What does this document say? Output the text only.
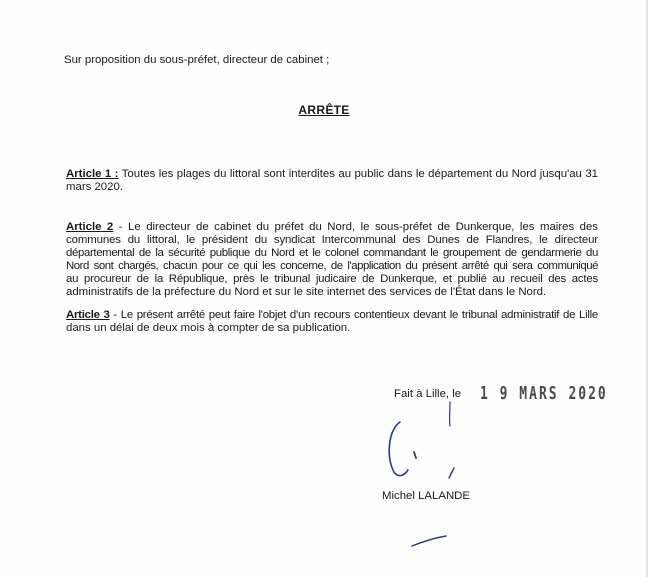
Sur proposition du sous-préfet, directeur de cabinet ;
ARRÊTE
Article 1 : Toutes les plages du littoral sont interdites au public dans le département du Nord jusqu'au 31
mars 2020.
Article 2 - Le directeur de cabinet du préfet du Nord, le sous-préfet de Dunkerque, les maires des
communes du littoral, le président du syndicat Intercommunal des Dunes de Flandres, le directeur
départemental de la sécurité publique du Nord et le colonel commandant le groupement de gendarmerie du
Nord sont chargés, chacun pour ce qui les concerne, de l'application du présent arrêté qui sera communiqué
au procureur de la République, près le tribunal judicaire de Dunkerque, et publié au recueil des actes
administratifs de la préfecture du Nord et sur le site internet des services de l'État dans le Nord.
Article 3 - Le présent arrêté peut faire l'objet d'un recours contentieux devant le tribunal administratif de Lille
dans un délai de deux mois à compter de sa publication.
Fait à Lille, le 1 9 MARS 2020
Michel LALANDE
